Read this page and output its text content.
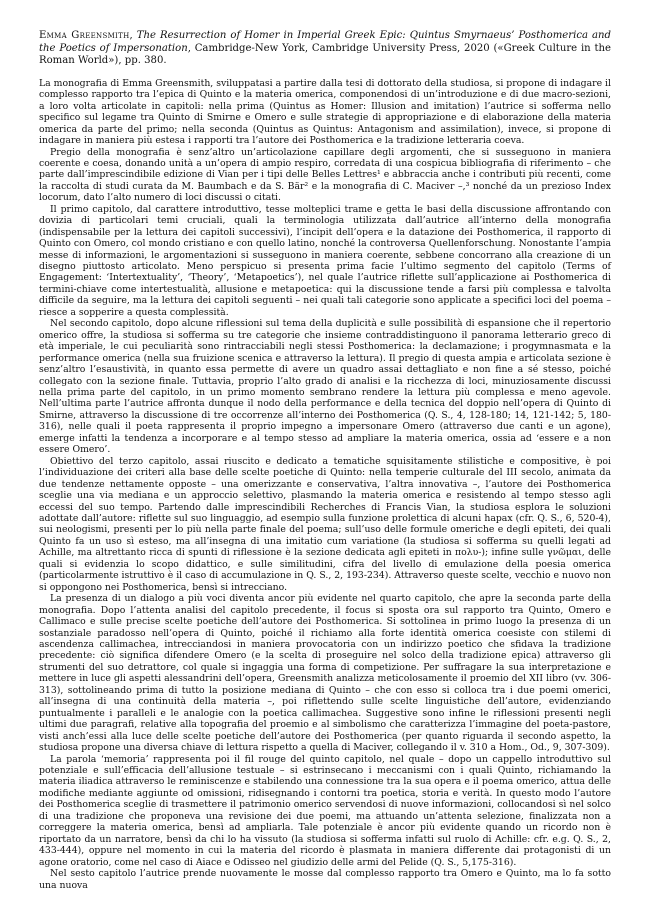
Emma Greensmith, The Resurrection of Homer in Imperial Greek Epic: Quintus Smyrnaeus’ Posthomerica and the Poetics of Impersonation, Cambridge-New York, Cambridge University Press, 2020 («Greek Culture in the Roman World»), pp. 380.

La monografia di Emma Greensmith, sviluppatasi a partire dalla tesi di dottorato della studiosa, si propone di indagare il complesso rapporto tra l’epica di Quinto e la materia omerica, componendosi di un’introduzione e di due macro-sezioni, a loro volta articolate in capitoli: nella prima (Quintus as Homer: Illusion and imitation) l’autrice si sofferma nello specifico sul legame tra Quinto di Smirne e Omero e sulle strategie di appropriazione e di elaborazione della materia omerica da parte del primo; nella seconda (Quintus as Quintus: Antagonism and assimilation), invece, si propone di indagare in maniera più estesa i rapporti tra l’autore dei Posthomerica e la tradizione letteraria coeva.

Pregio della monografia è senz’altro un’articolazione capillare degli argomenti, che si susseguono in maniera coerente e coesa, donando unità a un’opera di ampio respiro, corredata di una cospicua bibliografia di riferimento – che parte dall’imprescindibile edizione di Vian per i tipi delle Belles Lettres¹ e abbraccia anche i contributi più recenti, come la raccolta di studi curata da M. Baumbach e da S. Bär² e la monografia di C. Maciver –,³ nonché da un prezioso Index locorum, dato l’alto numero di loci discussi o citati.

Il primo capitolo, dal carattere introduttivo, tesse molteplici trame e getta le basi della discussione affrontando con dovizia di particolari temi cruciali, quali la terminologia utilizzata dall’autrice all’interno della monografia (indispensabile per la lettura dei capitoli successivi), l’incipit dell’opera e la datazione dei Posthomerica, il rapporto di Quinto con Omero, col mondo cristiano e con quello latino, nonché la controversa Quellenforschung. Nonostante l’ampia messe di informazioni, le argomentazioni si susseguono in maniera coerente, sebbene concorrano alla creazione di un disegno piuttosto articolato. Meno perspicuo si presenta prima facie l’ultimo segmento del capitolo (Terms of Engagement: ‘Intertextuality’, ‘Theory’, ‘Metapoetics’), nel quale l’autrice riflette sull’applicazione ai Posthomerica di termini-chiave come intertestualità, allusione e metapoetica: qui la discussione tende a farsi più complessa e talvolta difficile da seguire, ma la lettura dei capitoli seguenti – nei quali tali categorie sono applicate a specifici loci del poema – riesce a sopperire a questa complessità.

Nel secondo capitolo, dopo alcune riflessioni sul tema della duplicità e sulle possibilità di espansione che il repertorio omerico offre, la studiosa si sofferma su tre categorie che insieme contraddistinguono il panorama letterario greco di età imperiale, le cui peculiarità sono rintracciabili negli stessi Posthomerica: la declamazione; i progymnasmata e la performance omerica (nella sua fruizione scenica e attraverso la lettura). Il pregio di questa ampia e articolata sezione è senz’altro l’esaustività, in quanto essa permette di avere un quadro assai dettagliato e non fine a sé stesso, poiché collegato con la sezione finale. Tuttavia, proprio l’alto grado di analisi e la ricchezza di loci, minuziosamente discussi nella prima parte del capitolo, in un primo momento sembrano rendere la lettura più complessa e meno agevole. Nell’ultima parte l’autrice affronta dunque il nodo della performance e della tecnica del doppio nell’opera di Quinto di Smirne, attraverso la discussione di tre occorrenze all’interno dei Posthomerica (Q. S., 4, 128-180; 14, 121-142; 5, 180-316), nelle quali il poeta rappresenta il proprio impegno a impersonare Omero (attraverso due canti e un agone), emerge infatti la tendenza a incorporare e al tempo stesso ad ampliare la materia omerica, ossia ad ‘essere e a non essere Omero’.

Obiettivo del terzo capitolo, assai riuscito e dedicato a tematiche squisitamente stilistiche e compositive, è poi l’individuazione dei criteri alla base delle scelte poetiche di Quinto: nella temperie culturale del III secolo, animata da due tendenze nettamente opposte – una omerizzante e conservativa, l’altra innovativa –, l’autore dei Posthomerica sceglie una via mediana e un approccio selettivo, plasmando la materia omerica e resistendo al tempo stesso agli eccessi del suo tempo. Partendo dalle imprescindibili Recherches di Francis Vian, la studiosa esplora le soluzioni adottate dall’autore: riflette sul suo linguaggio, ad esempio sulla funzione prolettica di alcuni hapax (cfr. Q. S., 6, 520-4), sui neologismi, presenti per lo più nella parte finale del poema; sull’uso delle formule omeriche e degli epiteti, dei quali Quinto fa un uso sì esteso, ma all’insegna di una imitatio cum variatione (la studiosa si sofferma su quelli legati ad Achille, ma altrettanto ricca di spunti di riflessione è la sezione dedicata agli epiteti in πολυ-); infine sulle γνῶμαι, delle quali si evidenzia lo scopo didattico, e sulle similitudini, cifra del livello di emulazione della poesia omerica (particolarmente istruttivo è il caso di accumulazione in Q. S., 2, 193-234). Attraverso queste scelte, vecchio e nuovo non si oppongono nei Posthomerica, bensì si intrecciano.

La presenza di un dialogo a più voci diventa ancor più evidente nel quarto capitolo, che apre la seconda parte della monografia. Dopo l’attenta analisi del capitolo precedente, il focus si sposta ora sul rapporto tra Quinto, Omero e Callimaco e sulle precise scelte poetiche dell’autore dei Posthomerica. Si sottolinea in primo luogo la presenza di un sostanziale paradosso nell’opera di Quinto, poiché il richiamo alla forte identità omerica coesiste con stilemi di ascendenza callimachea, intrecciandosi in maniera provocatoria con un indirizzo poetico che sfidava la tradizione precedente: ciò significa difendere Omero (e la scelta di proseguire nel solco della tradizione epica) attraverso gli strumenti del suo detrattore, col quale si ingaggia una forma di competizione. Per suffragare la sua interpretazione e mettere in luce gli aspetti alessandrini dell’opera, Greensmith analizza meticolosamente il proemio del XII libro (vv. 306-313), sottolineando prima di tutto la posizione mediana di Quinto – che con esso si colloca tra i due poemi omerici, all’insegna di una continuità della materia –, poi riflettendo sulle scelte linguistiche dell’autore, evidenziando puntualmente i paralleli e le analogie con la poetica callimachea. Suggestive sono infine le riflessioni presenti negli ultimi due paragrafi, relative alla topografia del proemio e al simbolismo che caratterizza l’immagine del poeta-pastore, visti anch’essi alla luce delle scelte poetiche dell’autore dei Posthomerica (per quanto riguarda il secondo aspetto, la studiosa propone una diversa chiave di lettura rispetto a quella di Maciver, collegando il v. 310 a Hom., Od., 9, 307-309).

La parola ‘memoria’ rappresenta poi il fil rouge del quinto capitolo, nel quale – dopo un cappello introduttivo sul potenziale e sull’efficacia dell’allusione testuale – si estrinsecano i meccanismi con i quali Quinto, richiamando la materia iliadica attraverso le reminiscenze e stabilendo una connessione tra la sua opera e il poema omerico, attua delle modifiche mediante aggiunte od omissioni, ridisegnando i contorni tra poetica, storia e verità. In questo modo l’autore dei Posthomerica sceglie di trasmettere il patrimonio omerico servendosi di nuove informazioni, collocandosi sì nel solco di una tradizione che proponeva una revisione dei due poemi, ma attuando un’attenta selezione, finalizzata non a correggere la materia omerica, bensì ad ampliarla. Tale potenziale è ancor più evidente quando un ricordo non è riportato da un narratore, bensì da chi lo ha vissuto (la studiosa si sofferma infatti sul ruolo di Achille: cfr. e.g. Q. S., 2, 433-444), oppure nel momento in cui la materia del ricordo è plasmata in maniera differente dai protagonisti di un agone oratorio, come nel caso di Aiace e Odisseo nel giudizio delle armi del Pelide (Q. S., 5,175-316).

Nel sesto capitolo l’autrice prende nuovamente le mosse dal complesso rapporto tra Omero e Quinto, ma lo fa sotto una nuova
